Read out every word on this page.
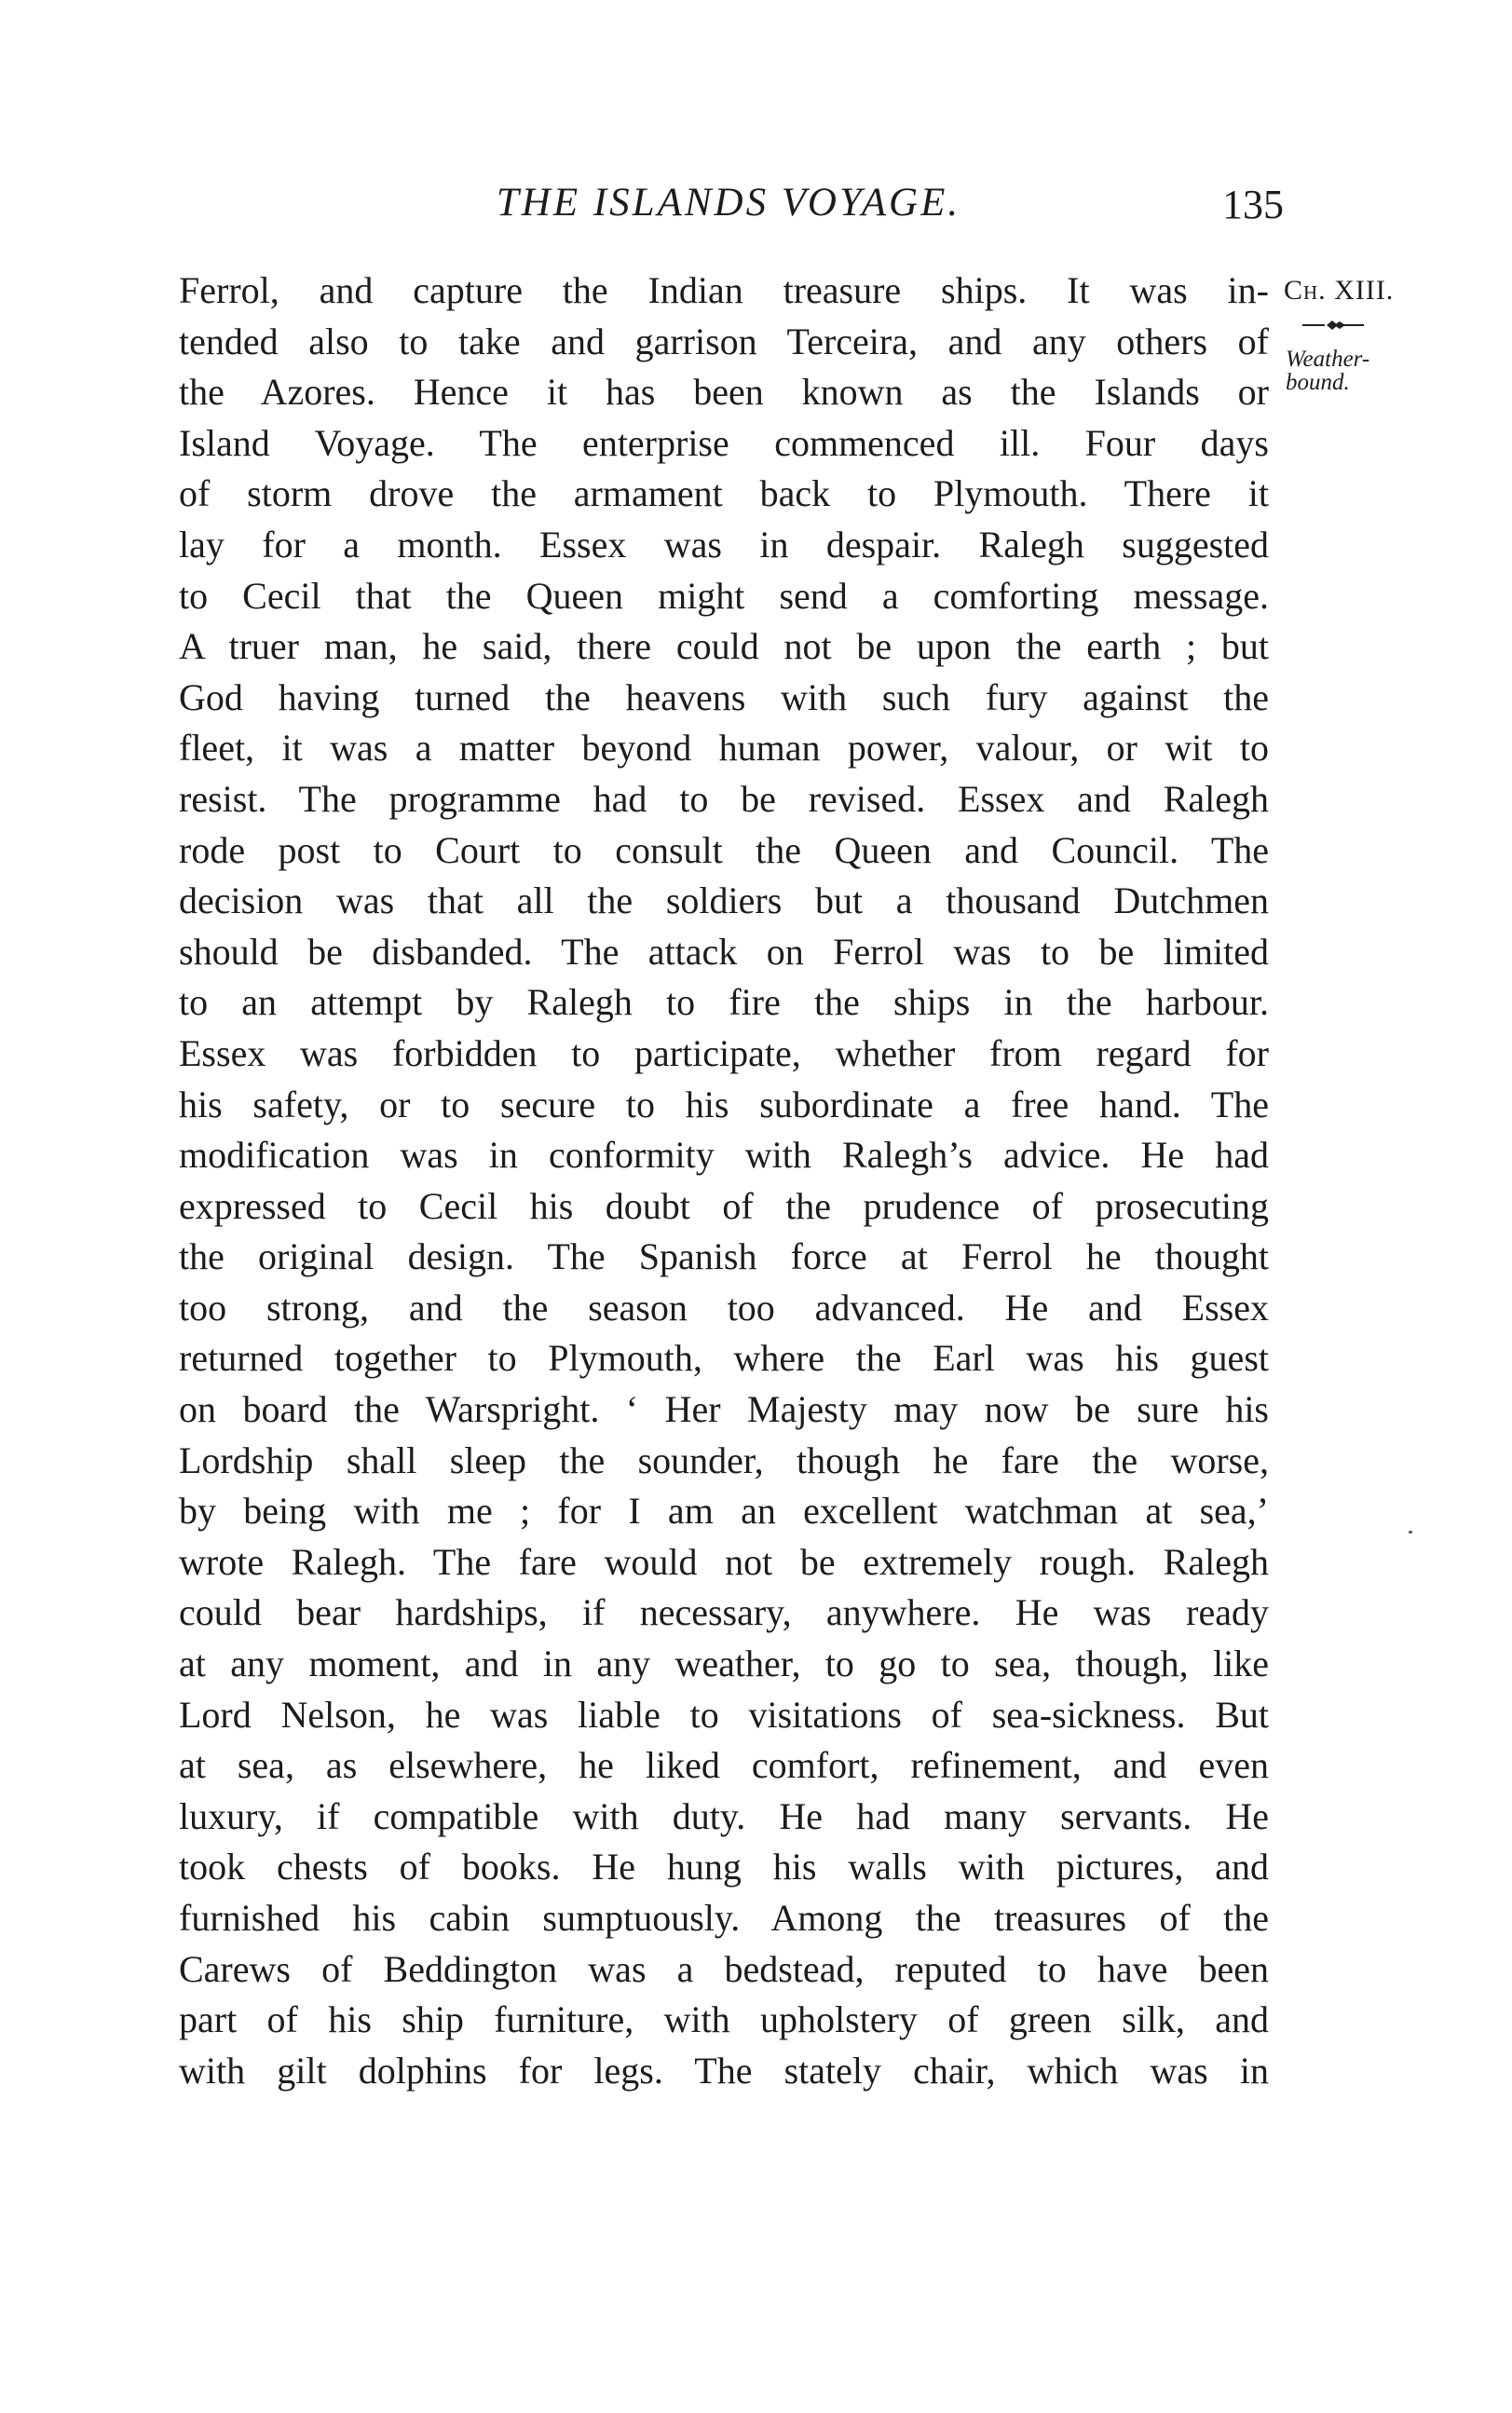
THE ISLANDS VOYAGE.	135
Ferrol, and capture the Indian treasure ships. It was in-
tended also to take and garrison Terceira, and any others of
the Azores. Hence it has been known as the Islands or
Island Voyage. The enterprise commenced ill. Four days
of storm drove the armament back to Plymouth. There it
lay for a month. Essex was in despair. Ralegh suggested
to Cecil that the Queen might send a comforting message.
A truer man, he said, there could not be upon the earth ; but
God having turned the heavens with such fury against the
fleet, it was a matter beyond human power, valour, or wit to
resist. The programme had to be revised. Essex and Ralegh
rode post to Court to consult the Queen and Council. The
decision was that all the soldiers but a thousand Dutchmen
should be disbanded. The attack on Ferrol was to be limited
to an attempt by Ralegh to fire the ships in the harbour.
Essex was forbidden to participate, whether from regard for
his safety, or to secure to his subordinate a free hand. The
modification was in conformity with Ralegh’s advice. He had
expressed to Cecil his doubt of the prudence of prosecuting
the original design. The Spanish force at Ferrol he thought
too strong, and the season too advanced. He and Essex
returned together to Plymouth, where the Earl was his guest
on board the Warspright. ‘ Her Majesty may now be sure his
Lordship shall sleep the sounder, though he fare the worse,
by being with me ; for I am an excellent watchman at sea,’
wrote Ralegh. The fare would not be extremely rough. Ralegh
could bear hardships, if necessary, anywhere. He was ready
at any moment, and in any weather, to go to sea, though, like
Lord Nelson, he was liable to visitations of sea-sickness. But
at sea, as elsewhere, he liked comfort, refinement, and even
luxury, if compatible with duty. He had many servants. He
took chests of books. He hung his walls with pictures, and
furnished his cabin sumptuously. Among the treasures of the
Carews of Beddington was a bedstead, reputed to have been
part of his ship furniture, with upholstery of green silk, and
with gilt dolphins for legs. The stately chair, which was in
Ch. XIII.
Weather-
bound.
